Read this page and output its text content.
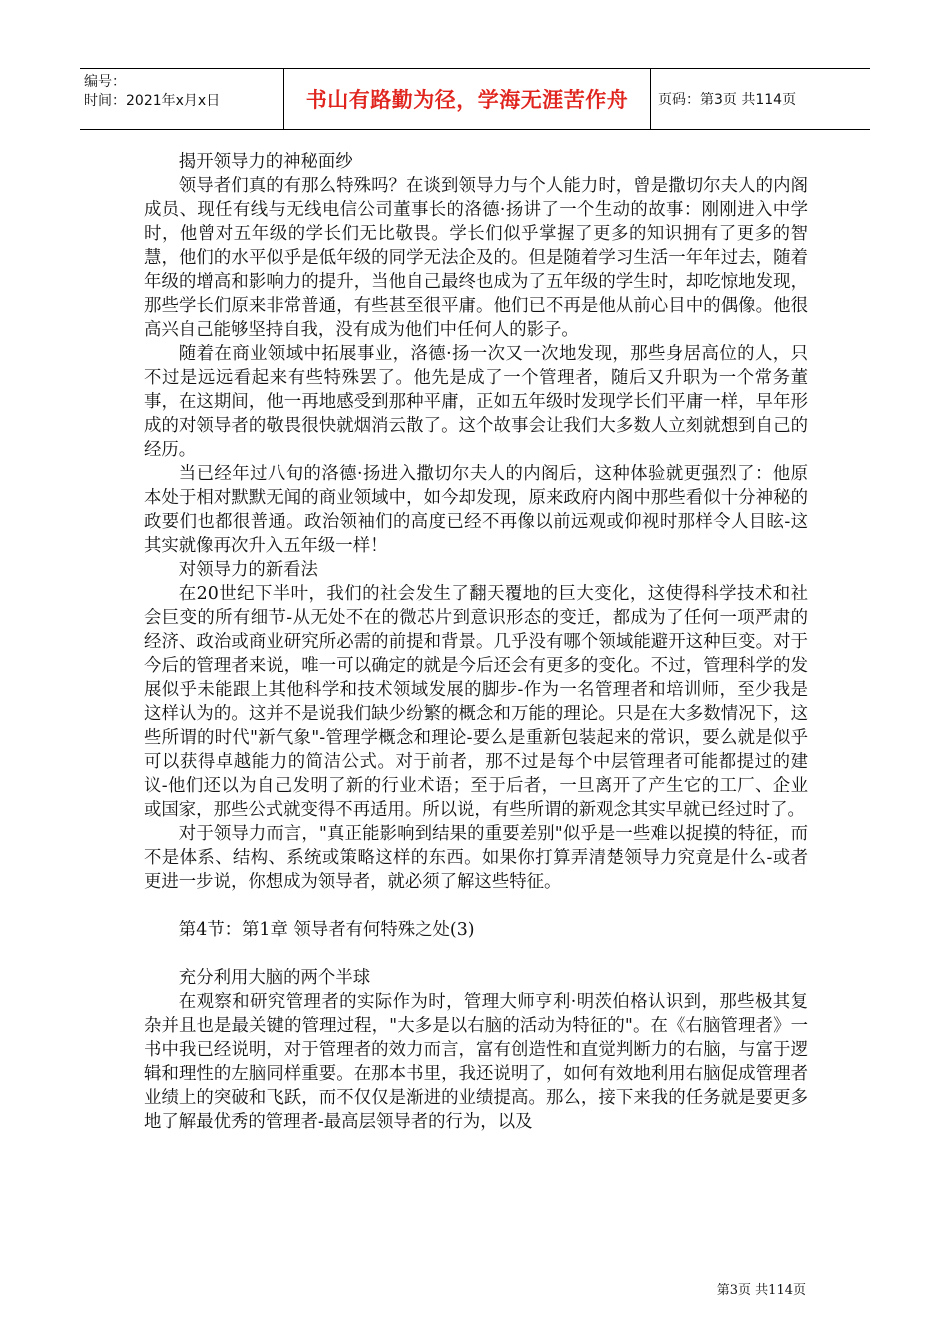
编号：
时间：2021年x月x日	书山有路勤为径，学海无涯苦作舟	页码：第3页 共114页

揭开领导力的神秘面纱

领导者们真的有那么特殊吗？在谈到领导力与个人能力时，曾是撒切尔夫人的内阁成员、现任有线与无线电信公司董事长的洛德·扬讲了一个生动的故事：刚刚进入中学时，他曾对五年级的学长们无比敬畏。学长们似乎掌握了更多的知识拥有了更多的智慧，他们的水平似乎是低年级的同学无法企及的。但是随着学习生活一年年过去，随着年级的增高和影响力的提升，当他自己最终也成为了五年级的学生时，却吃惊地发现，那些学长们原来非常普通，有些甚至很平庸。他们已不再是他从前心目中的偶像。他很高兴自己能够坚持自我，没有成为他们中任何人的影子。

随着在商业领域中拓展事业，洛德·扬一次又一次地发现，那些身居高位的人，只不过是远远看起来有些特殊罢了。他先是成了一个管理者，随后又升职为一个常务董事，在这期间，他一再地感受到那种平庸，正如五年级时发现学长们平庸一样，早年形成的对领导者的敬畏很快就烟消云散了。这个故事会让我们大多数人立刻就想到自己的经历。

当已经年过八旬的洛德·扬进入撒切尔夫人的内阁后，这种体验就更强烈了：他原本处于相对默默无闻的商业领域中，如今却发现，原来政府内阁中那些看似十分神秘的政要们也都很普通。政治领袖们的高度已经不再像以前远观或仰视时那样令人目眩-这其实就像再次升入五年级一样！

对领导力的新看法

在20世纪下半叶，我们的社会发生了翻天覆地的巨大变化，这使得科学技术和社会巨变的所有细节-从无处不在的微芯片到意识形态的变迁，都成为了任何一项严肃的经济、政治或商业研究所必需的前提和背景。几乎没有哪个领域能避开这种巨变。对于今后的管理者来说，唯一可以确定的就是今后还会有更多的变化。不过，管理科学的发展似乎未能跟上其他科学和技术领域发展的脚步-作为一名管理者和培训师，至少我是这样认为的。这并不是说我们缺少纷繁的概念和万能的理论。只是在大多数情况下，这些所谓的时代"新气象"-管理学概念和理论-要么是重新包装起来的常识，要么就是似乎可以获得卓越能力的简洁公式。对于前者，那不过是每个中层管理者可能都提过的建议-他们还以为自己发明了新的行业术语；至于后者，一旦离开了产生它的工厂、企业或国家，那些公式就变得不再适用。所以说，有些所谓的新观念其实早就已经过时了。

对于领导力而言，"真正能影响到结果的重要差别"似乎是一些难以捉摸的特征，而不是体系、结构、系统或策略这样的东西。如果你打算弄清楚领导力究竟是什么-或者更进一步说，你想成为领导者，就必须了解这些特征。

第4节：第1章 领导者有何特殊之处(3)

充分利用大脑的两个半球

在观察和研究管理者的实际作为时，管理大师亨利·明茨伯格认识到，那些极其复杂并且也是最关键的管理过程，"大多是以右脑的活动为特征的"。在《右脑管理者》一书中我已经说明，对于管理者的效力而言，富有创造性和直觉判断力的右脑，与富于逻辑和理性的左脑同样重要。在那本书里，我还说明了，如何有效地利用右脑促成管理者业绩上的突破和飞跃，而不仅仅是渐进的业绩提高。那么，接下来我的任务就是要更多地了解最优秀的管理者-最高层领导者的行为，以及

第3页 共114页
